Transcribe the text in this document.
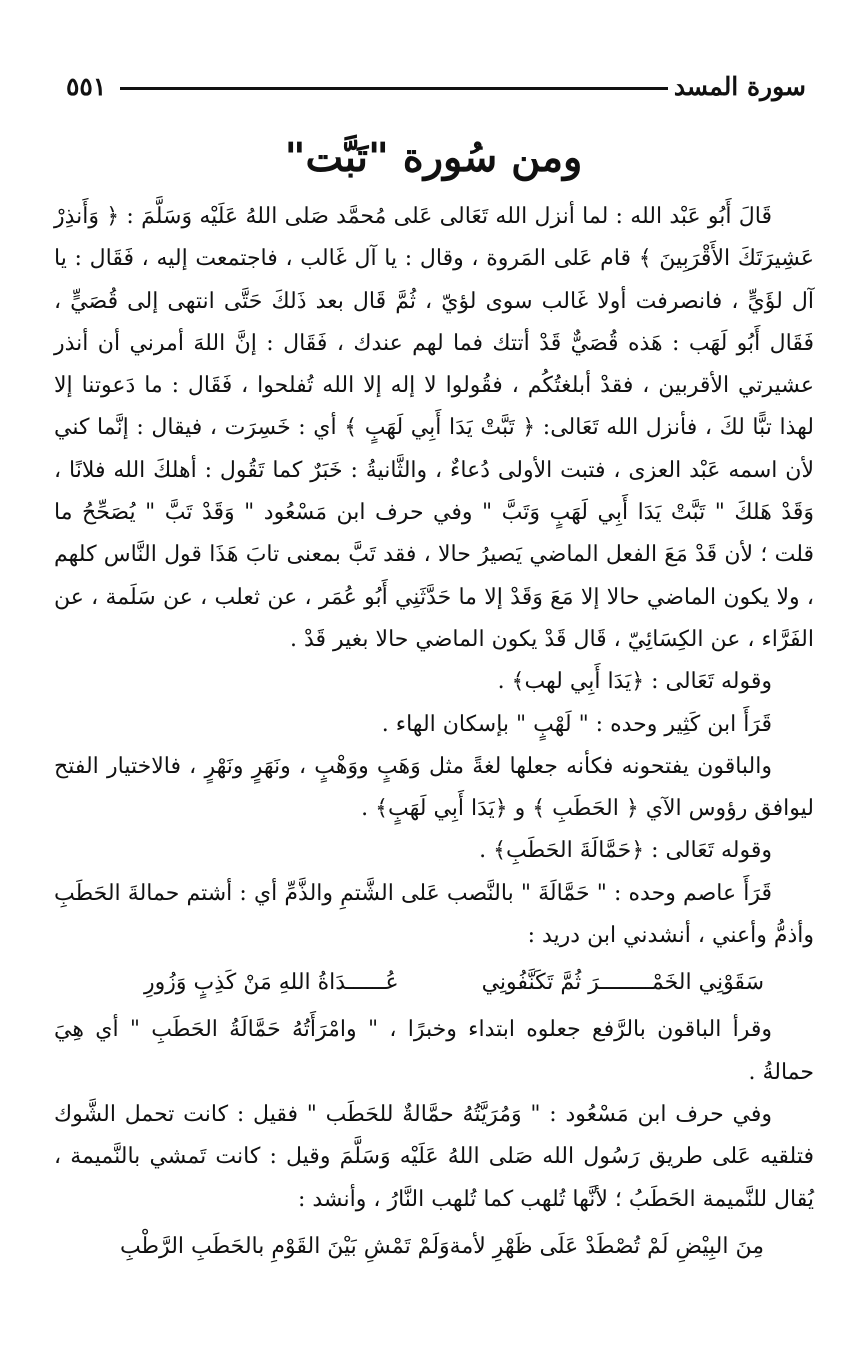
سورة المسد
٥٥١
ومن سُورة "تَبَّت"

قَالَ أَبُو عَبْد الله : لما أنزل الله تَعَالى عَلى مُحمَّد صَلى اللهُ عَلَيْه وَسَلَّمَ : ﴿ وَأَنذِرْ عَشِيرَتَكَ الأَقْرَبِينَ ﴾ قام عَلى المَروة ، وقال : يا آل غَالب ، فاجتمعت إليه ، فَقَال : يا آل لؤَيٍّ ، فانصرفت أولا غَالب سوى لؤيّ ، ثُمَّ قَال بعد ذَلكَ حَتَّى انتهى إلى قُصَيٍّ ، فَقَال أَبُو لَهَب : هَذه قُصَيٌّ قَدْ أتتك فما لهم عندك ، فَقَال : إنَّ اللهَ أمرني أن أنذر عشيرتي الأقربين ، فقدْ أبلغتُكُم ، فقُولوا لا إله إلا الله تُفلحوا ، فَقَال : ما دَعوتنا إلا لهذا تبًّا لكَ ، فأنزل الله تَعَالى: ﴿ تَبَّتْ يَدَا أَبِي لَهَبٍ ﴾ أي : خَسِرَت ، فيقال : إنَّما كني لأن اسمه عَبْد العزى ، فتبت الأولى دُعاءٌ ، والثَّانيةُ : خَبَرٌ كما تَقُول : أهلكَ الله فلانًا ، وَقَدْ هَلكَ " تَبَّتْ يَدَا أَبِي لَهَبٍ وَتَبَّ " وفي حرف ابن مَسْعُود " وَقَدْ تَبَّ " يُصَحِّحُ ما قلت ؛ لأن قَدْ مَعَ الفعل الماضي يَصيرُ حالا ، فقد تَبَّ بمعنى تابَ هَذَا قول النَّاس كلهم ، ولا يكون الماضي حالا إلا مَعَ وَقَدْ إلا ما حَدَّثَنِي أَبُو عُمَر ، عن ثعلب ، عن سَلَمة ، عن الفَرَّاء ، عن الكِسَائِيّ ، قَال قَدْ يكون الماضي حالا بغير قَدْ .

وقوله تَعَالى : ﴿يَدَا أَبِي لهب﴾ .

قَرَأَ ابن كَثِير وحده : " لَهْبٍ " بإسكان الهاء .

والباقون يفتحونه فكأنه جعلها لغةً مثل وَهَبٍ ووَهْبٍ ، ونَهَرٍ ونَهْرٍ ، فالاختيار الفتح ليوافق رؤوس الآي ﴿ الحَطَبِ ﴾ و ﴿يَدَا أَبِي لَهَبٍ﴾ .

وقوله تَعَالى : ﴿حَمَّالَةَ الحَطَبِ﴾ .

قَرَأَ عاصم وحده : " حَمَّالَةَ " بالنَّصب عَلى الشَّتمِ والذَّمِّ أي : أشتم حمالةَ الحَطَبِ وأذمُّ وأعني ، أنشدني ابن دريد :

سَقَوْنِي الخَمْــــــــرَ ثُمَّ تَكَنَّفُونِي
عُــــــدَاةُ اللهِ مَنْ كَذِبٍ وَزُورِ

وقرأ الباقون بالرَّفع جعلوه ابتداء وخبرًا ، " وامْرَأَتُهُ حَمَّالَةُ الحَطَبِ " أي هِيَ حمالةُ .

وفي حرف ابن مَسْعُود : " وَمُرَيَّتُهُ حمَّالةٌ للحَطَب " فقيل : كانت تحمل الشَّوك فتلقيه عَلى طريق رَسُول الله صَلى اللهُ عَلَيْه وَسَلَّمَ وقيل : كانت تَمشي بالنَّميمة ، يُقال للنَّميمة الحَطَبُ ؛ لأنَّها تُلهب كما تُلهب النَّارُ ، وأنشد :

مِنَ البِيْضِ لَمْ تُصْطَدْ عَلَى ظَهْرِ لأمة
وَلَمْ تَمْشِ بَيْنَ القَوْمِ بالحَطَبِ الرَّطْبِ
